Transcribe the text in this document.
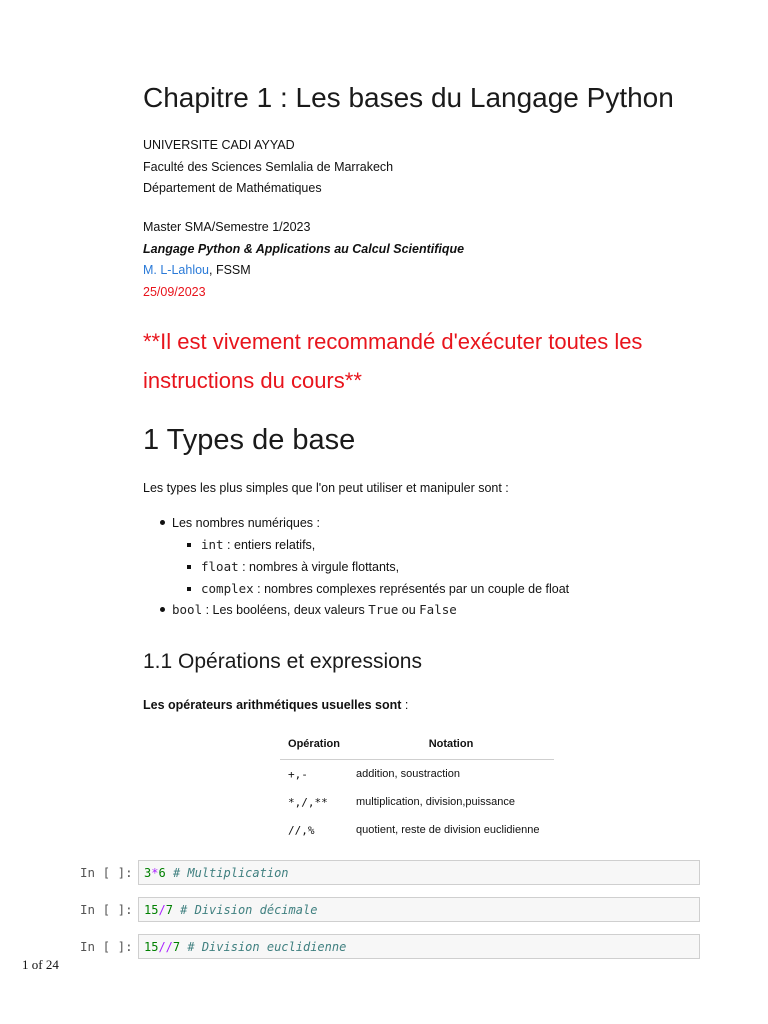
Chapitre 1 : Les bases du Langage Python
UNIVERSITE CADI AYYAD
Faculté des Sciences Semlalia de Marrakech
Département de Mathématiques
Master SMA/Semestre 1/2023
Langage Python & Applications au Calcul Scientifique
M. L-Lahlou, FSSM
25/09/2023
**Il est vivement recommandé d'exécuter toutes les instructions du cours**
1 Types de base
Les types les plus simples que l'on peut utiliser et manipuler sont :
Les nombres numériques :
int : entiers relatifs,
float : nombres à virgule flottants,
complex : nombres complexes représentés par un couple de float
bool : Les booléens, deux valeurs True ou False
1.1 Opérations et expressions
Les opérateurs arithmétiques usuelles sont :
Opération	Notation
+,-	addition, soustraction
*,/,**	multiplication, division,puissance
//,%	quotient, reste de division euclidienne
In [ ]: 3*6 # Multiplication
In [ ]: 15/7 # Division décimale
In [ ]: 15//7 # Division euclidienne
1 of 24
